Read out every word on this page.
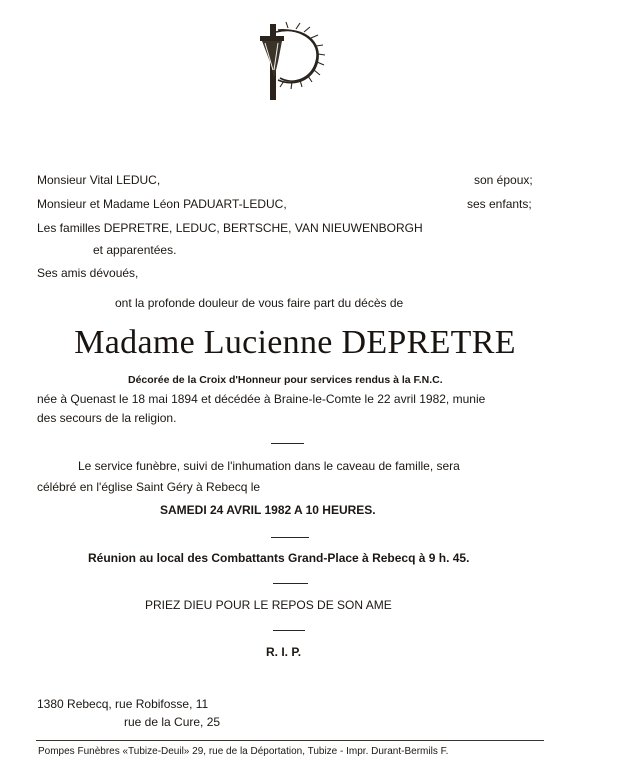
Monsieur Vital LEDUC,	son époux;
Monsieur et Madame Léon PADUART-LEDUC,	ses enfants;
Les familles DEPRETRE, LEDUC, BERTSCHE, VAN NIEUWENBORGH
et apparentées.
Ses amis dévoués,
ont la profonde douleur de vous faire part du décès de
Madame Lucienne DEPRETRE
Décorée de la Croix d'Honneur pour services rendus à la F.N.C.
née à Quenast le 18 mai 1894 et décédée à Braine-le-Comte le 22 avril 1982, munie
des secours de la religion.
Le service funèbre, suivi de l'inhumation dans le caveau de famille, sera
célébré en l'église Saint Géry à Rebecq le
SAMEDI 24 AVRIL 1982 A 10 HEURES.
Réunion au local des Combattants Grand-Place à Rebecq à 9 h. 45.
PRIEZ DIEU POUR LE REPOS DE SON AME
R. I. P.
1380 Rebecq, rue Robifosse, 11
rue de la Cure, 25
Pompes Funèbres «Tubize-Deuil» 29, rue de la Déportation, Tubize - Impr. Durant-Bermils F.
